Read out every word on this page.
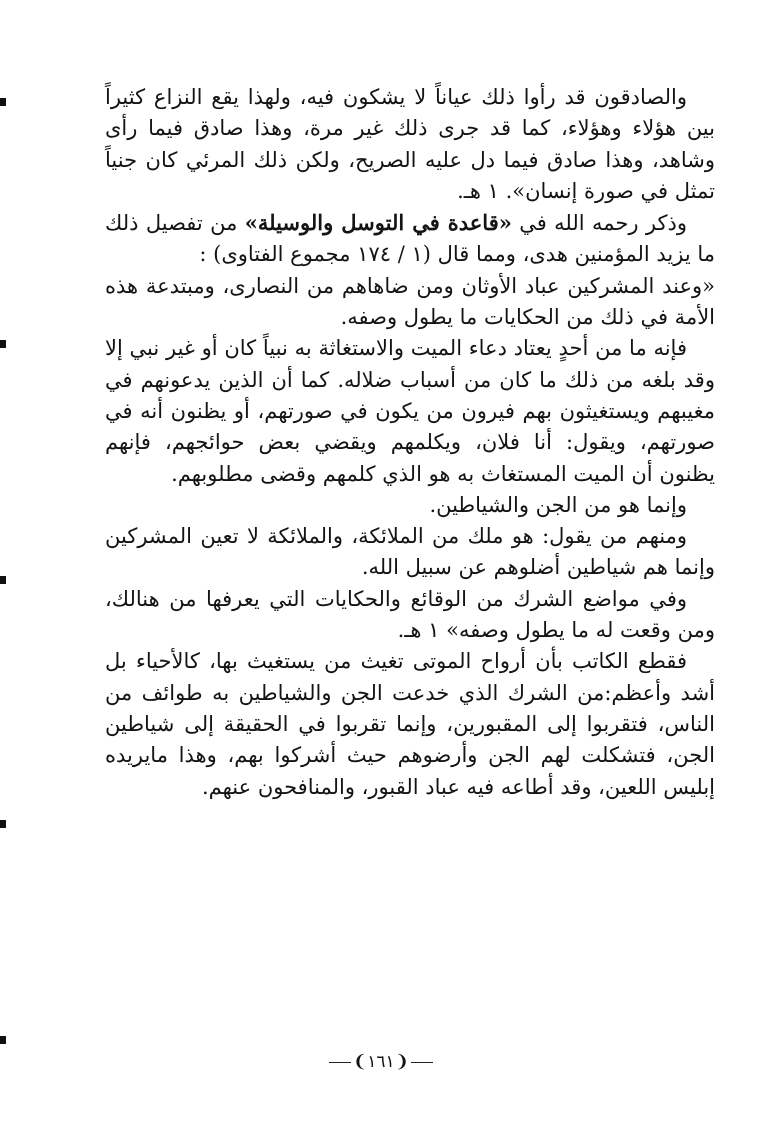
والصادقون قد رأوا ذلك عياناً لا يشكون فيه، ولهذا يقع النزاع كثيراً بين هؤلاء وهؤلاء، كما قد جرى ذلك غير مرة، وهذا صادق فيما رأى وشاهد، وهذا صادق فيما دل عليه الصريح، ولكن ذلك المرئي كان جنياً تمثل في صورة إنسان». ١ هـ.

وذكر رحمه الله في «قاعدة في التوسل والوسيلة» من تفصيل ذلك ما يزيد المؤمنين هدى، ومما قال (١ / ١٧٤ مجموع الفتاوى) :

«وعند المشركين عباد الأوثان ومن ضاهاهم من النصارى، ومبتدعة هذه الأمة في ذلك من الحكايات ما يطول وصفه.

فإنه ما من أحدٍ يعتاد دعاء الميت والاستغاثة به نبياً كان أو غير نبي إلا وقد بلغه من ذلك ما كان من أسباب ضلاله. كما أن الذين يدعونهم في مغيبهم ويستغيثون بهم فيرون من يكون في صورتهم، أو يظنون أنه في صورتهم، ويقول: أنا فلان، ويكلمهم ويقضي بعض حوائجهم، فإنهم يظنون أن الميت المستغاث به هو الذي كلمهم وقضى مطلوبهم.

وإنما هو من الجن والشياطين.

ومنهم من يقول: هو ملك من الملائكة، والملائكة لا تعين المشركين وإنما هم شياطين أضلوهم عن سبيل الله.

وفي مواضع الشرك من الوقائع والحكايات التي يعرفها من هنالك، ومن وقعت له ما يطول وصفه» ١ هـ.

فقطع الكاتب بأن أرواح الموتى تغيث من يستغيث بها، كالأحياء بل أشد وأعظم:من الشرك الذي خدعت الجن والشياطين به طوائف من الناس، فتقربوا إلى المقبورين، وإنما تقربوا في الحقيقة إلى شياطين الجن، فتشكلت لهم الجن وأرضوهم حيث أشركوا بهم، وهذا مايريده إبليس اللعين، وقد أطاعه فيه عباد القبور، والمنافحون عنهم.

❨١٦١❩
